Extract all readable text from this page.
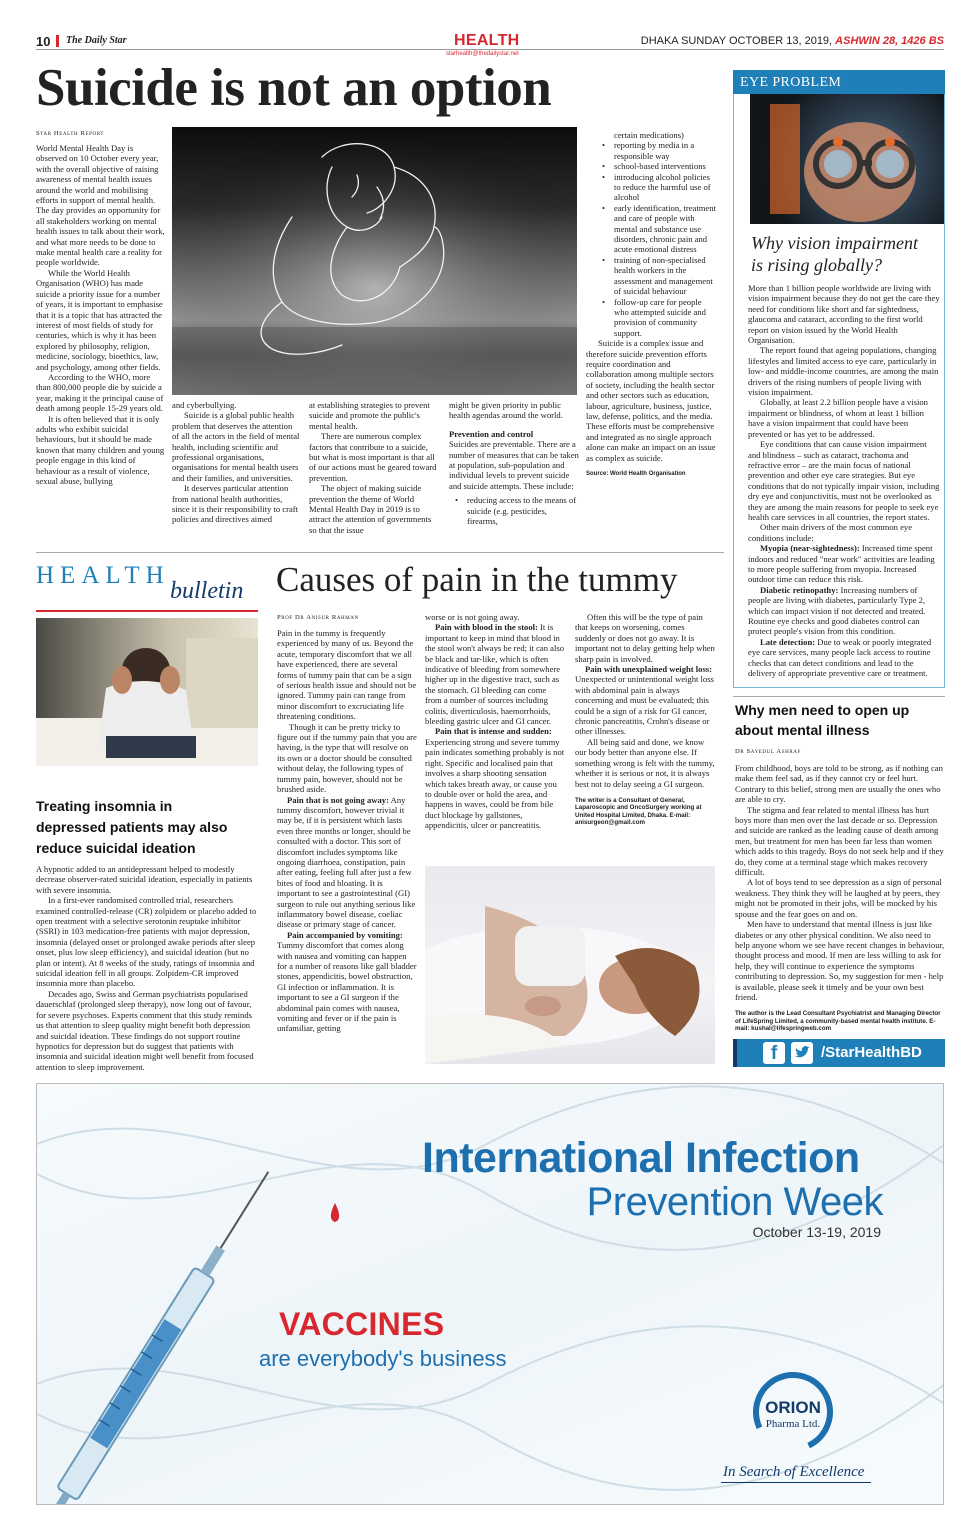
10 The Daily Star	HEALTH
starhealth@thedailystar.net
DHAKA SUNDAY OCTOBER 13, 2019, ASHWIN 28, 1426 BS
Suicide is not an option
Star Health Report

World Mental Health Day is observed on 10 October every year, with the overall objective of raising awareness of mental health issues around the world and mobilising efforts in support of mental health. The day provides an opportunity for all stakeholders working on mental health issues to talk about their work, and what more needs to be done to make mental health care a reality for people worldwide.

While the World Health Organisation (WHO) has made suicide a priority issue for a number of years, it is important to emphasise that it is a topic that has attracted the interest of most fields of study for centuries, which is why it has been explored by philosophy, religion, medicine, sociology, bioethics, law, and psychology, among other fields.

According to the WHO, more than 800,000 people die by suicide a year, making it the principal cause of death among people 15-29 years old.

It is often believed that it is only adults who exhibit suicidal behaviours, but it should be made known that many children and young people engage in this kind of behaviour as a result of violence, sexual abuse, bullying

and cyberbullying.

Suicide is a global public health problem that deserves the attention of all the actors in the field of mental health, including scientific and professional organisations, organisations for mental health users and their families, and universities.

It deserves particular attention from national health authorities, since it is their responsibility to craft policies and directives aimed

at establishing strategies to prevent suicide and promote the public's mental health.

There are numerous complex factors that contribute to a suicide, but what is most important is that all of our actions must be geared toward prevention.

The object of making suicide prevention the theme of World Mental Health Day in 2019 is to attract the attention of governments so that the issue

might be given priority in public health agendas around the world.

Prevention and control

Suicides are preventable. There are a number of measures that can be taken at population, sub-population and individual levels to prevent suicide and suicide attempts. These include:

• reducing access to the means of suicide (e.g. pesticides, firearms,

certain medications)

• reporting by media in a responsible way
• school-based interventions
• introducing alcohol policies to reduce the harmful use of alcohol
• early identification, treatment and care of people with mental and substance use disorders, chronic pain and acute emotional distress
• training of non-specialised health workers in the assessment and management of suicidal behaviour
• follow-up care for people who attempted suicide and provision of community support.

Suicide is a complex issue and therefore suicide prevention efforts require coordination and collaboration among multiple sectors of society, including the health sector and other sectors such as education, labour, agriculture, business, justice, law, defense, politics, and the media. These efforts must be comprehensive and integrated as no single approach alone can make an impact on an issue as complex as suicide.

Source: World Health Organisation

EYE PROBLEM
Why vision impairment
is rising globally?

More than 1 billion people worldwide are living with vision impairment because they do not get the care they need for conditions like short and far sightedness, glaucoma and cataract, according to the first world report on vision issued by the World Health Organisation.

The report found that ageing populations, changing lifestyles and limited access to eye care, particularly in low- and middle-income countries, are among the main drivers of the rising numbers of people living with vision impairment.

Globally, at least 2.2 billion people have a vision impairment or blindness, of whom at least 1 billion have a vision impairment that could have been prevented or has yet to be addressed.

Eye conditions that can cause vision impairment and blindness – such as cataract, trachoma and refractive error – are the main focus of national prevention and other eye care strategies. But eye conditions that do not typically impair vision, including dry eye and conjunctivitis, must not be overlooked as they are among the main reasons for people to seek eye health care services in all countries, the report states.

Other main drivers of the most common eye conditions include:

Myopia (near-sightedness): Increased time spent indoors and reduced "near work" activities are leading to more people suffering from myopia. Increased outdoor time can reduce this risk.

Diabetic retinopathy: Increasing numbers of people are living with diabetes, particularly Type 2, which can impact vision if not detected and treated. Routine eye checks and good diabetes control can protect people's vision from this condition.

Late detection: Due to weak or poorly integrated eye care services, many people lack access to routine checks that can detect conditions and lead to the delivery of appropriate preventive care or treatment.

HEALTH
bulletin
Treating insomnia in depressed patients may also reduce suicidal ideation

A hypnotic added to an antidepressant helped to modestly decrease observer-rated suicidal ideation, especially in patients with severe insomnia.

In a first-ever randomised controlled trial, researchers examined controlled-release (CR) zolpidem or placebo added to open treatment with a selective serotonin reuptake inhibitor (SSRI) in 103 medication-free patients with major depression, insomnia (delayed onset or prolonged awake periods after sleep onset, plus low sleep efficiency), and suicidal ideation (but no plan or intent). At 8 weeks of the study, ratings of insomnia and suicidal ideation fell in all groups. Zolpidem-CR improved insomnia more than placebo.

Decades ago, Swiss and German psychiatrists popularised dauerschlaf (prolonged sleep therapy), now long out of favour, for severe psychoses. Experts comment that this study reminds us that attention to sleep quality might benefit both depression and suicidal ideation. These findings do not support routine hypnotics for depression but do suggest that patients with insomnia and suicidal ideation might well benefit from focused attention to sleep improvement.

Causes of pain in the tummy
Prof Dr Anisur Rahman

Pain in the tummy is frequently experienced by many of us. Beyond the acute, temporary discomfort that we all have experienced, there are several forms of tummy pain that can be a sign of serious health issue and should not be ignored. Tummy pain can range from minor discomfort to excruciating life threatening conditions.

Though it can be pretty tricky to figure out if the tummy pain that you are having, is the type that will resolve on its own or a doctor should be consulted without delay, the following types of tummy pain, however, should not be brushed aside.

Pain that is not going away: Any tummy discomfort, however trivial it may be, if it is persistent which lasts even three months or longer, should be consulted with a doctor. This sort of discomfort includes symptoms like ongoing diarrhoea, constipation, pain after eating, feeling full after just a few bites of food and bloating. It is important to see a gastrointestinal (GI) surgeon to rule out anything serious like inflammatory bowel disease, coeliac disease or primary stage of cancer.

Pain accompanied by vomiting: Tummy discomfort that comes along with nausea and vomiting can happen for a number of reasons like gall bladder stones, appendicitis, bowel obstruction, GI infection or inflammation. It is important to see a GI surgeon if the abdominal pain comes with nausea, vomiting and fever or if the pain is unfamiliar, getting

worse or is not going away.

Pain with blood in the stool: It is important to keep in mind that blood in the stool won't always be red; it can also be black and tar-like, which is often indicative of bleeding from somewhere higher up in the digestive tract, such as the stomach. GI bleeding can come from a number of sources including colitis, diverticulosis, haemorrhoids, bleeding gastric ulcer and GI cancer.

Pain that is intense and sudden: Experiencing strong and severe tummy pain indicates something probably is not right. Specific and localised pain that involves a sharp shooting sensation which takes breath away, or cause you to double over or hold the area, and happens in waves, could be from bile duct blockage by gallstones, appendicitis, ulcer or pancreatitis.

Often this will be the type of pain that keeps on worsening, comes suddenly or does not go away. It is important not to delay getting help when sharp pain is involved.

Pain with unexplained weight loss: Unexpected or unintentional weight loss with abdominal pain is always concerning and must be evaluated; this could be a sign of a risk for GI cancer, chronic pancreatitis, Crohn's disease or other illnesses.

All being said and done, we know our body better than anyone else. If something wrong is felt with the tummy, whether it is serious or not, it is always best not to delay seeing a GI surgeon.

The writer is a Consultant of General, Laparoscopic and OncoSurgery working at United Hospital Limited, Dhaka. E-mail: anisurgeon@gmail.com

Why men need to open up
about mental illness
Dr Sayedul Ashraf

From childhood, boys are told to be strong, as if nothing can make them feel sad, as if they cannot cry or feel hurt. Contrary to this belief, strong men are usually the ones who are able to cry.

The stigma and fear related to mental illness has hurt boys more than men over the last decade or so. Depression and suicide are ranked as the leading cause of death among men, but treatment for men has been far less than women which adds to this tragedy. Boys do not seek help and if they do, they come at a terminal stage which makes recovery difficult.

A lot of boys tend to see depression as a sign of personal weakness. They think they will be laughed at by peers, they might not be promoted in their jobs, will be mocked by his spouse and the fear goes on and on.

Men have to understand that mental illness is just like diabetes or any other physical condition. We also need to help anyone whom we see have recent changes in behaviour, thought process and mood. If men are less willing to ask for help, they will continue to experience the symptoms contributing to depression. So, my suggestion for men - help is available, please seek it timely and be your own best friend.

The author is the Lead Consultant Psychiatrist and Managing Director of LifeSpring Limited, a community-based mental health institute. E-mail: kushal@lifespringweb.com

f	/StarHealthBD
International Infection
Prevention Week
October 13-19, 2019
VACCINES
are everybody's business
ORION
Pharma Ltd.
In Search of Excellence
